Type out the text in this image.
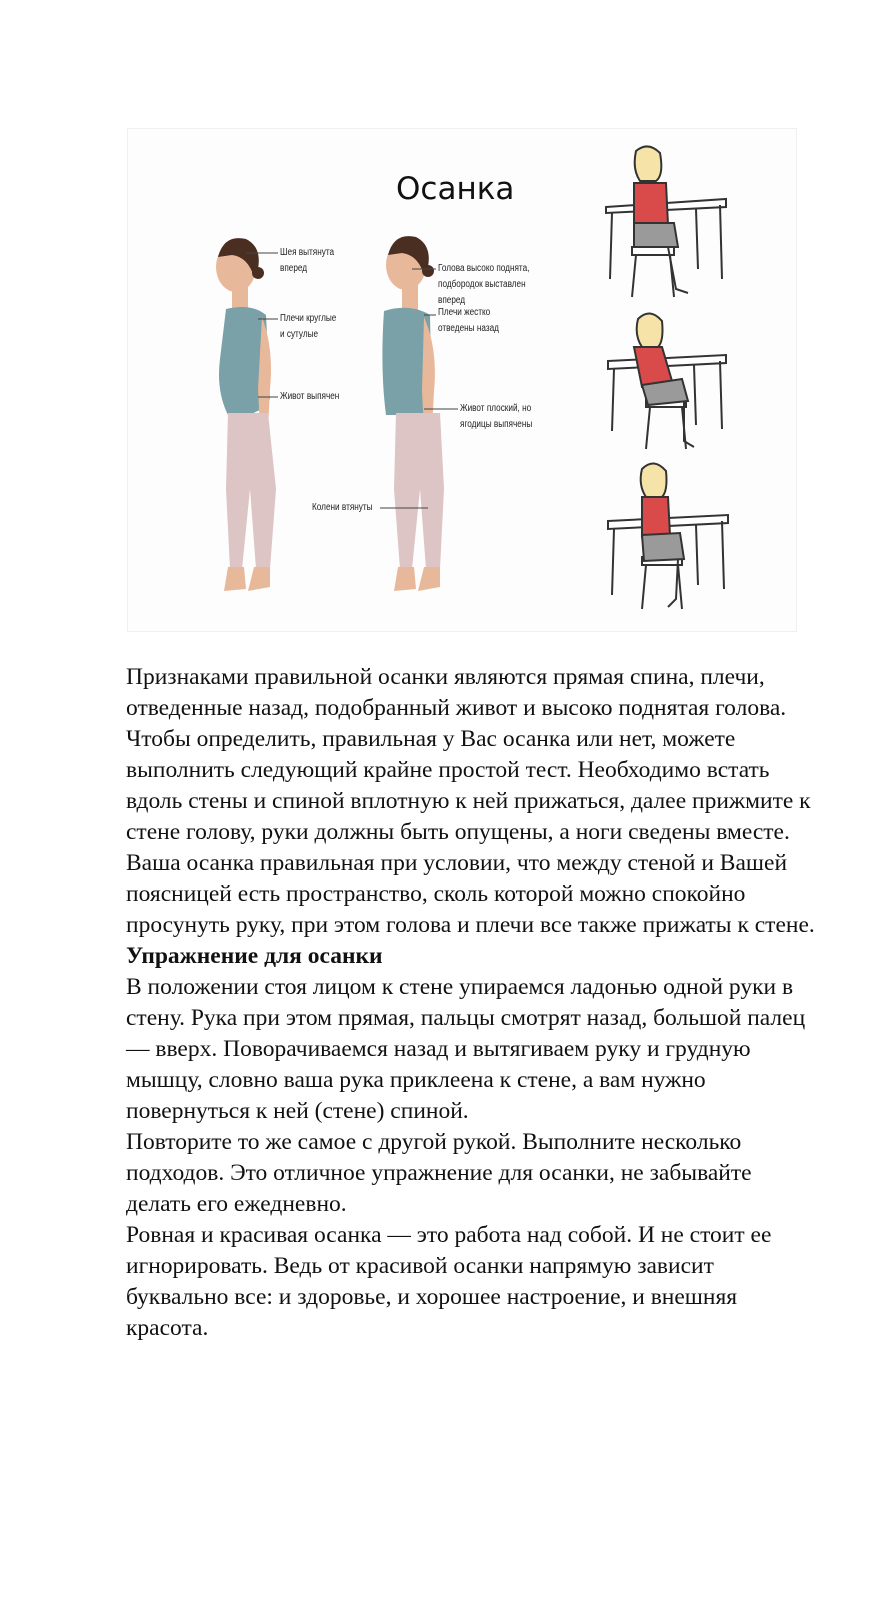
Осанка
Шея вытянута
вперед
Плечи круглые
и сутулые
Живот выпячен
Колени втянуты
Голова высоко поднята,
подбородок выставлен
вперед
Плечи жестко
отведены назад
Живот плоский, но
ягодицы выпячены

Признаками правильной осанки являются прямая спина, плечи, отведенные назад, подобранный живот и высоко поднятая голова. Чтобы определить, правильная у Вас осанка или нет, можете выполнить следующий крайне простой тест. Необходимо встать вдоль стены и спиной вплотную к ней прижаться, далее прижмите к стене голову, руки должны быть опущены, а ноги сведены вместе. Ваша осанка правильная при условии, что между стеной и Вашей поясницей есть пространство, сколь которой можно спокойно просунуть руку, при этом голова и плечи все также прижаты к стене.

Упражнение для осанки

В положении стоя лицом к стене упираемся ладонью одной руки в стену. Рука при этом прямая, пальцы смотрят назад, большой палец — вверх. Поворачиваемся назад и вытягиваем руку и грудную мышцу, словно ваша рука приклеена к стене, а вам нужно повернуться к ней (стене) спиной.

Повторите то же самое с другой рукой. Выполните несколько подходов. Это отличное упражнение для осанки, не забывайте делать его ежедневно.

Ровная и красивая осанка — это работа над собой. И не стоит ее игнорировать. Ведь от красивой осанки напрямую зависит буквально все: и здоровье, и хорошее настроение, и внешняя красота.
